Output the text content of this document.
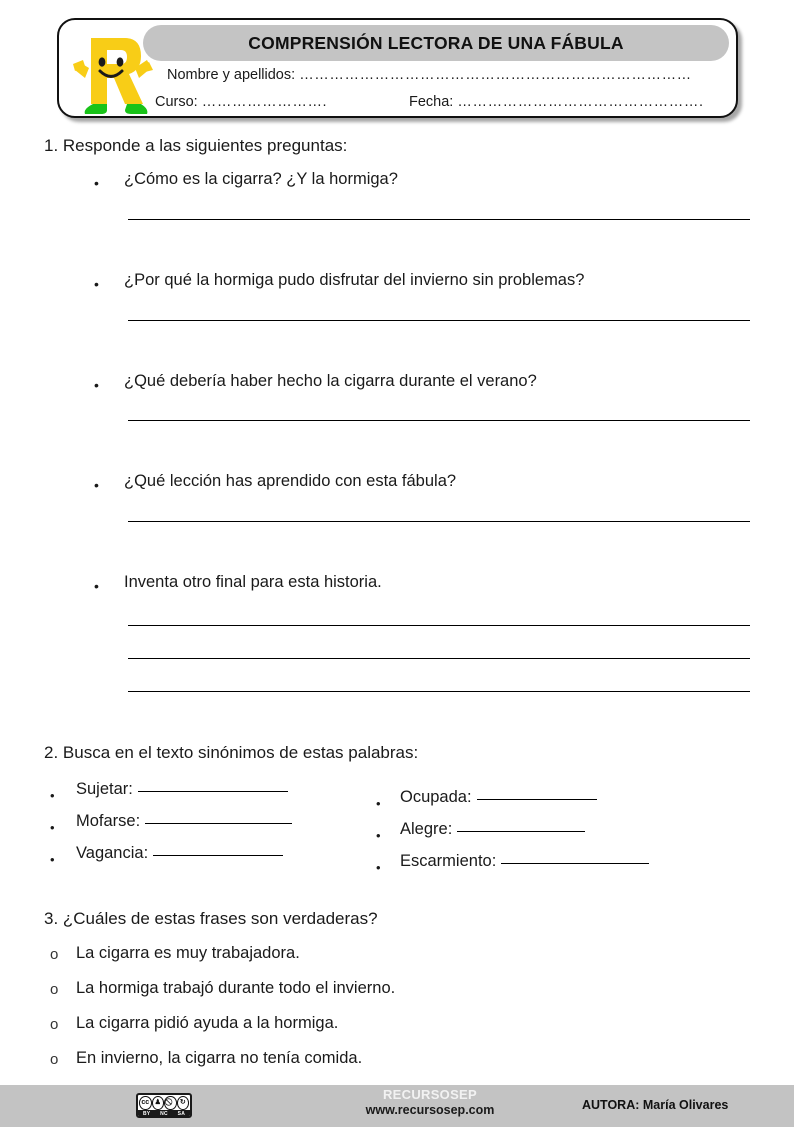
COMPRENSIÓN LECTORA DE UNA FÁBULA
Nombre y apellidos: ……………………………………………………………………
Curso: …………………….	Fecha: ………………………………………….
1. Responde a las siguientes preguntas:
• ¿Cómo es la cigarra? ¿Y la hormiga?
• ¿Por qué la hormiga pudo disfrutar del invierno sin problemas?
• ¿Qué debería haber hecho la cigarra durante el verano?
• ¿Qué lección has aprendido con esta fábula?
• Inventa otro final para esta historia.
2. Busca en el texto sinónimos de estas palabras:
• Sujetar:
• Mofarse:
• Vagancia:
• Ocupada:
• Alegre:
• Escarmiento:
3. ¿Cuáles de estas frases son verdaderas?
o La cigarra es muy trabajadora.
o La hormiga trabajó durante todo el invierno.
o La cigarra pidió ayuda a la hormiga.
o En invierno, la cigarra no tenía comida.
cc ♟	↻
BY NC SA
RECURSOSEP
www.recursosep.com	AUTORA: María Olivares
